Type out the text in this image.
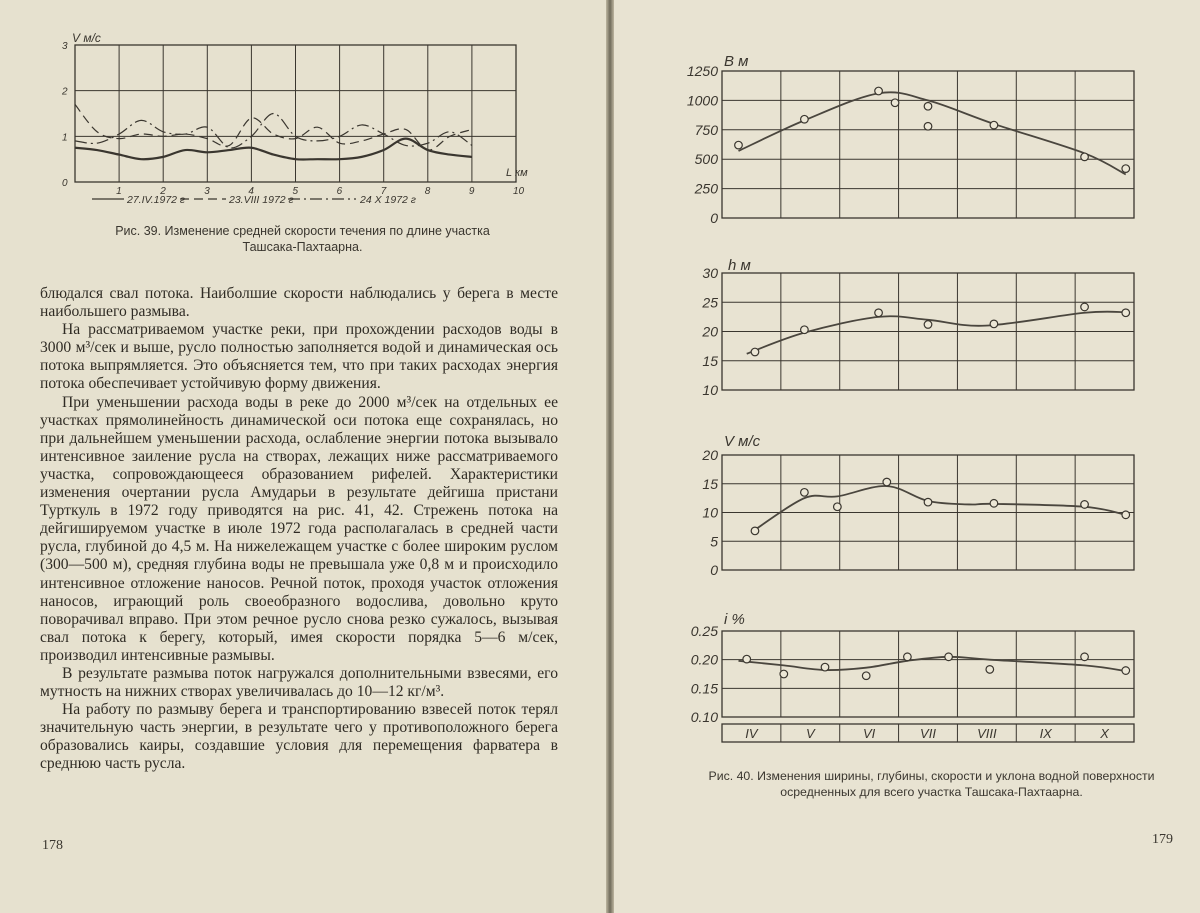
V м/с
L км
0
1
2
3
1	2	3	4	5	6	7	8	9	10
27.IV.1972 г	23.VIII 1972 г	24 X 1972 г
Рис. 39. Изменение средней скорости течения по длине участка Ташсака-Пахтаарна.

блюдался свал потока. Наиболшие скорости наблюдались у берега в месте наибольшего размыва.

На рассматриваемом участке реки, при прохождении расходов воды в 3000 м³/сек и выше, русло полностью заполняется водой и динамическая ось потока выпрямляется. Это объясняется тем, что при таких расходах энергия потока обеспечивает устойчивую форму движения.

При уменьшении расхода воды в реке до 2000 м³/сек на отдельных ее участках прямолинейность динамической оси потока еще сохранялась, но при дальнейшем уменьшении расхода, ослабление энергии потока вызывало интенсивное заиление русла на створах, лежащих ниже рассматриваемого участка, сопровождающееся образованием рифелей. Характеристики изменения очертании русла Амударьи в результате дейгиша пристани Турткуль в 1972 году приводятся на рис. 41, 42. Стрежень потока на дейгишируемом участке в июле 1972 года располагалась в средней части русла, глубиной до 4,5 м. На нижележащем участке с более широким руслом (300—500 м), средняя глубина воды не превышала уже 0,8 м и происходило интенсивное отложение наносов. Речной поток, проходя участок отложения наносов, играющий роль своеобразного водослива, довольно круто поворачивал вправо. При этом речное русло снова резко сужалось, вызывая свал потока к берегу, который, имея скорости порядка 5—6 м/сек, производил интенсивные размывы.

В результате размыва поток нагружался дополнительными взвесями, его мутность на нижних створах увеличивалась до 10—12 кг/м³.

На работу по размыву берега и транспортированию взвесей поток терял значительную часть энергии, в результате чего у противоположного берега образовались каиры, создавшие условия для перемещения фарватера в среднюю часть русла.

178
В м
h м
V м/с
i %
0
250
500
750
1000
1250
10
15
20
25
30
0
5
10
15
20
0.10
0.15
0.20
0.25
IV	V	VI	VII	VIII	IX	X
Рис. 40. Изменения ширины, глубины, скорости и уклона водной поверхности осредненных для всего участка Ташсака-Пахтаарна.
179
